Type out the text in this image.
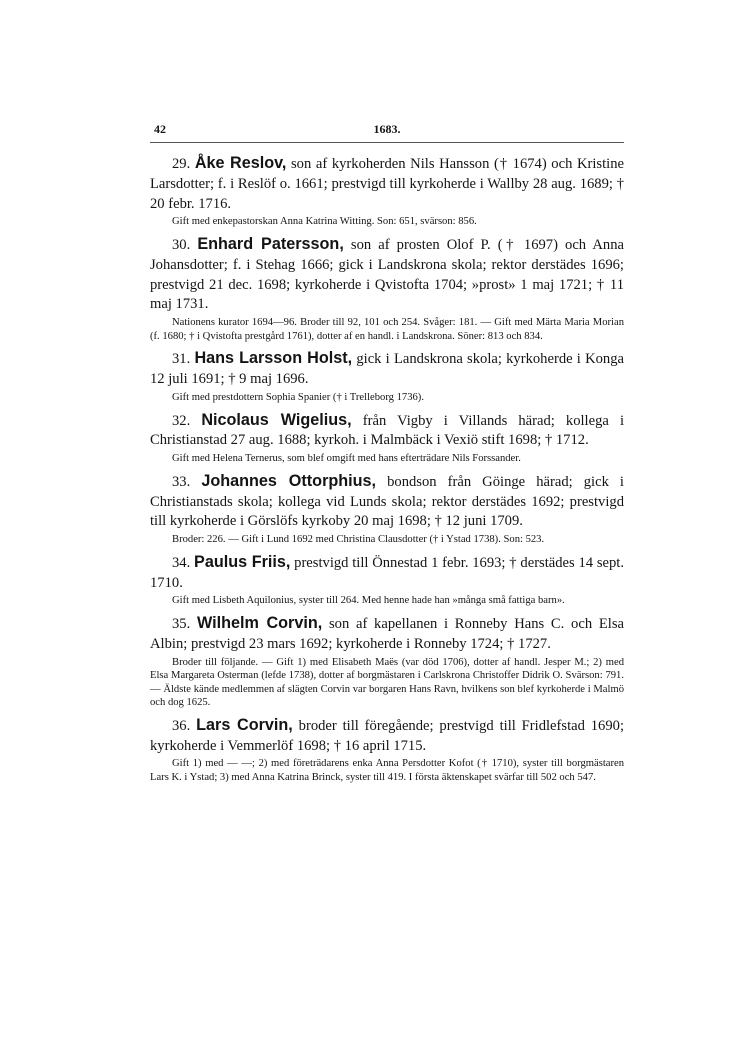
42	1683.

29. Åke Reslov, son af kyrkoherden Nils Hansson († 1674) och Kristine Larsdotter; f. i Reslöf o. 1661; prestvigd till kyrkoherde i Wallby 28 aug. 1689; † 20 febr. 1716.

Gift med enkepastorskan Anna Katrina Witting. Son: 651, svärson: 856.

30. Enhard Patersson, son af prosten Olof P. († 1697) och Anna Johansdotter; f. i Stehag 1666; gick i Landskrona skola; rektor derstädes 1696; prestvigd 21 dec. 1698; kyrkoherde i Qvistofta 1704; »prost» 1 maj 1721; † 11 maj 1731.

Nationens kurator 1694—96. Broder till 92, 101 och 254. Svåger: 181. — Gift med Märta Maria Morian (f. 1680; † i Qvistofta prestgård 1761), dotter af en handl. i Landskrona. Söner: 813 och 834.

31. Hans Larsson Holst, gick i Landskrona skola; kyrkoherde i Konga 12 juli 1691; † 9 maj 1696.

Gift med prestdottern Sophia Spanier († i Trelleborg 1736).

32. Nicolaus Wigelius, från Vigby i Villands härad; kollega i Christianstad 27 aug. 1688; kyrkoh. i Malmbäck i Vexiö stift 1698; † 1712.

Gift med Helena Ternerus, som blef omgift med hans efterträdare Nils Forssander.

33. Johannes Ottorphius, bondson från Göinge härad; gick i Christianstads skola; kollega vid Lunds skola; rektor derstädes 1692; prestvigd till kyrkoherde i Görslöfs kyrkoby 20 maj 1698; † 12 juni 1709.

Broder: 226. — Gift i Lund 1692 med Christina Clausdotter († i Ystad 1738). Son: 523.

34. Paulus Friis, prestvigd till Önnestad 1 febr. 1693; † derstädes 14 sept. 1710.

Gift med Lisbeth Aquilonius, syster till 264. Med henne hade han »många små fattiga barn».

35. Wilhelm Corvin, son af kapellanen i Ronneby Hans C. och Elsa Albin; prestvigd 23 mars 1692; kyrkoherde i Ronneby 1724; † 1727.

Broder till följande. — Gift 1) med Elisabeth Maës (var död 1706), dotter af handl. Jesper M.; 2) med Elsa Margareta Osterman (lefde 1738), dotter af borgmästaren i Carlskrona Christoffer Didrik O. Svärson: 791. — Äldste kände medlemmen af slägten Corvin var borgaren Hans Ravn, hvilkens son blef kyrkoherde i Malmö och dog 1625.

36. Lars Corvin, broder till föregående; prestvigd till Fridlefstad 1690; kyrkoherde i Vemmerlöf 1698; † 16 april 1715.

Gift 1) med — —; 2) med företrädarens enka Anna Persdotter Kofot († 1710), syster till borgmästaren Lars K. i Ystad; 3) med Anna Katrina Brinck, syster till 419. I första äktenskapet svärfar till 502 och 547.
